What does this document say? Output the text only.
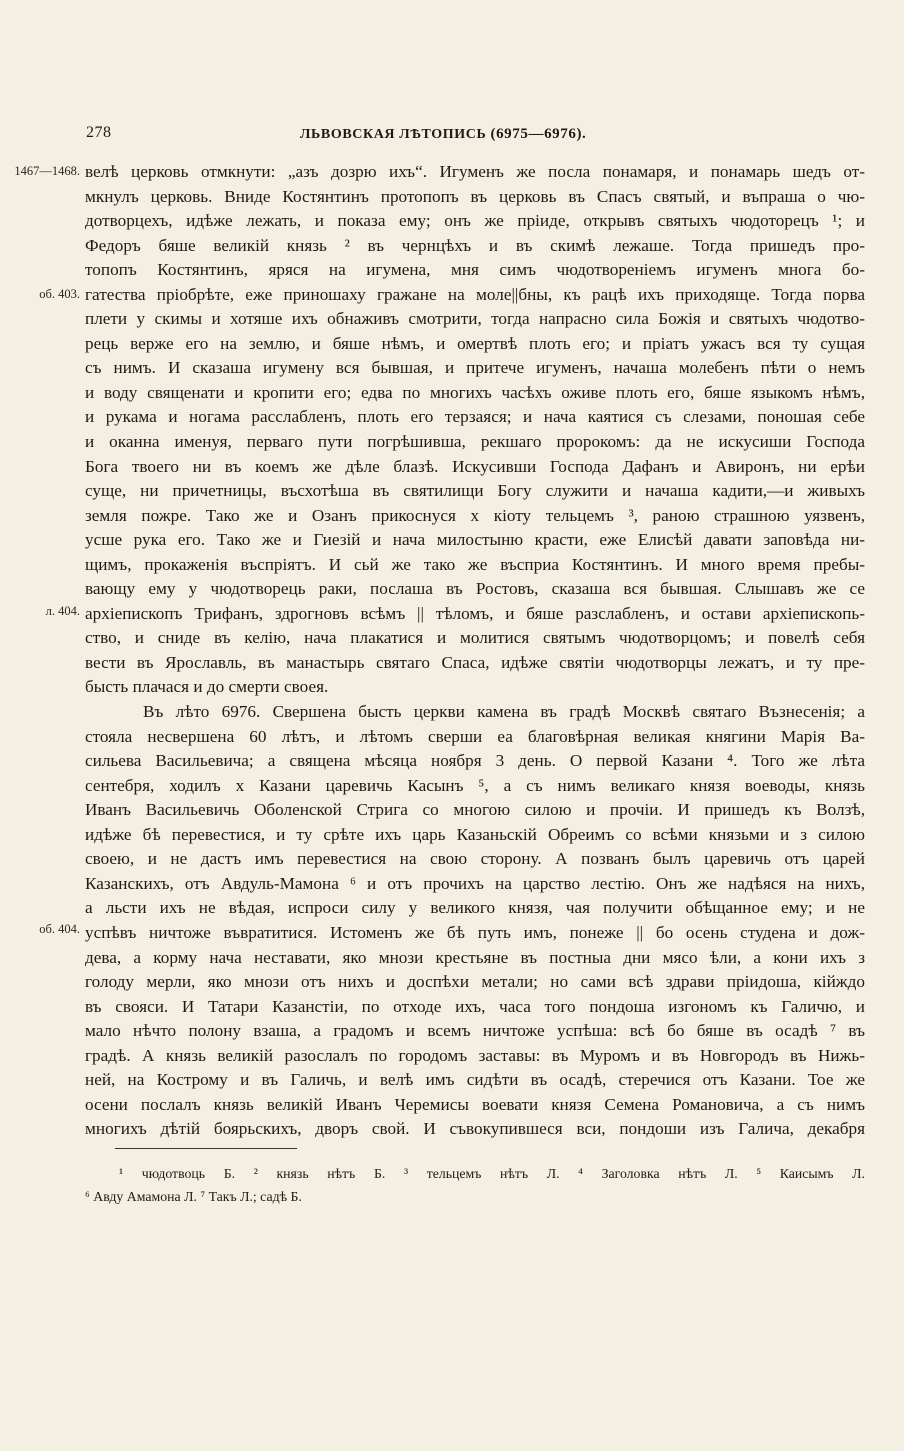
278	ЛЬВОВСКАЯ ЛѢТОПИСЬ (6975—6976).
1467—1468.
об. 403.
л. 404.
об. 404.
велѣ церковь отмкнути: „азъ дозрю ихъ“. Игуменъ же посла понамаря, и понамарь шедъ от-
мкнулъ церковь. Вниде Костянтинъ протопопъ въ церковь въ Спасъ святый, и въпраша о чю-
дотворцехъ, идѣже лежать, и показа ему; онъ же пріиде, открывъ святыхъ чюдоторецъ ¹; и
Федоръ бяше великій князь ² въ чернцѣхъ и въ скимѣ лежаше. Тогда пришедъ про-
топопъ Костянтинъ, яряся на игумена, мня симъ чюдотвореніемъ игуменъ многа бо-
гатества пріобрѣте, еже приношаху гражане на моле||бны, къ рацѣ ихъ приходяще. Тогда порва
плети у скимы и хотяше ихъ обнаживъ смотрити, тогда напрасно сила Божія и святыхъ чюдотво-
рець верже его на землю, и бяше нѣмъ, и омертвѣ плоть его; и пріатъ ужасъ вся ту сущая
съ нимъ. И сказаша игумену вся бывшая, и притече игуменъ, начаша молебенъ пѣти о немъ
и воду священати и кропити его; едва по многихъ часѣхъ оживе плоть его, бяше языкомъ нѣмъ,
и рукама и ногама расслабленъ, плоть его терзаяся; и нача каятися съ слезами, поношая себе
и оканна именуя, перваго пути погрѣшивша, рекшаго пророкомъ: да не искусиши Господа
Бога твоего ни въ коемъ же дѣле блазѣ. Искусивши Господа Дафанъ и Авиронъ, ни ерѣи
суще, ни причетницы, въсхотѣша въ святилищи Богу служити и начаша кадити,—и живыхъ
земля пожре. Тако же и Озанъ прикоснуся х кіоту тельцемъ ³, раною страшною уязвенъ,
усше рука его. Тако же и Гиезій и нача милостыню красти, еже Елисѣй давати заповѣда ни-
щимъ, прокаженія въспріятъ. И сьй же тако же въсприа Костянтинъ. И много время пребы-
вающу ему у чюдотворець раки, послаша въ Ростовъ, сказаша вся бывшая. Слышавъ же се
архіепископъ Трифанъ, здрогновъ всѣмъ || тѣломъ, и бяше разслабленъ, и остави архіепископь-
ство, и сниде въ келію, нача плакатися и молитися святымъ чюдотворцомъ; и повелѣ себя
вести въ Ярославль, въ манастырь святаго Спаса, идѣже святіи чюдотворцы лежатъ, и ту пре-
бысть плачася и до смерти своея.
Въ лѣто 6976. Свершена бысть церкви камена въ градѣ Москвѣ святаго Възнесенія; а
стояла несвершена 60 лѣтъ, и лѣтомъ сверши еа благовѣрная великая княгини Марія Ва-
сильева Васильевича; а священа мѣсяца ноября 3 день. О первой Казани ⁴. Того же лѣта
сентебря, ходилъ х Казани царевичь Касынъ ⁵, а съ нимъ великаго князя воеводы, князь
Иванъ Васильевичь Оболенской Стрига со многою силою и прочіи. И пришедъ къ Волзѣ,
идѣже бѣ перевестися, и ту срѣте ихъ царь Казаньскій Обреимъ со всѣми князьми и з силою
своею, и не дастъ имъ перевестися на свою сторону. А позванъ былъ царевичь отъ царей
Казанскихъ, отъ Авдуль-Мамона ⁶ и отъ прочихъ на царство лестію. Онъ же надѣяся на нихъ,
а льсти ихъ не вѣдая, испроси силу у великого князя, чая получити обѣщанное ему; и не
успѣвъ ничтоже въвратитися. Истоменъ же бѣ путь имъ, понеже || бо осень студена и дож-
дева, а корму нача неставати, яко мнози крестьяне въ постныа дни мясо ѣли, а кони ихъ з
голоду мерли, яко мнози отъ нихъ и доспѣхи метали; но сами всѣ здрави пріидоша, кійждо
въ свояси. И Татари Казанстіи, по отходе ихъ, часа того пондоша изгономъ къ Галичю, и
мало нѣчто полону взаша, а градомъ и всемъ ничтоже успѣша: всѣ бо бяше въ осадѣ ⁷ въ
градѣ. А князь великій разослалъ по городомъ заставы: въ Муромъ и въ Новгородъ въ Нижь-
ней, на Кострому и въ Галичь, и велѣ имъ сидѣти въ осадѣ, стеречися отъ Казани. Тое же
осени послалъ князь великій Иванъ Черемисы воевати князя Семена Романовича, а съ нимъ
многихъ дѣтій боярьскихъ, дворъ свой. И съвокупившеся вси, пондоши изъ Галича, декабря
¹ чюдотвоць Б. ² князь нѣтъ Б. ³ тельцемъ нѣтъ Л. ⁴ Заголовка нѣтъ Л. ⁵ Каисымъ Л.
⁶ Авду Амамона Л. ⁷ Такъ Л.; садѣ Б.
